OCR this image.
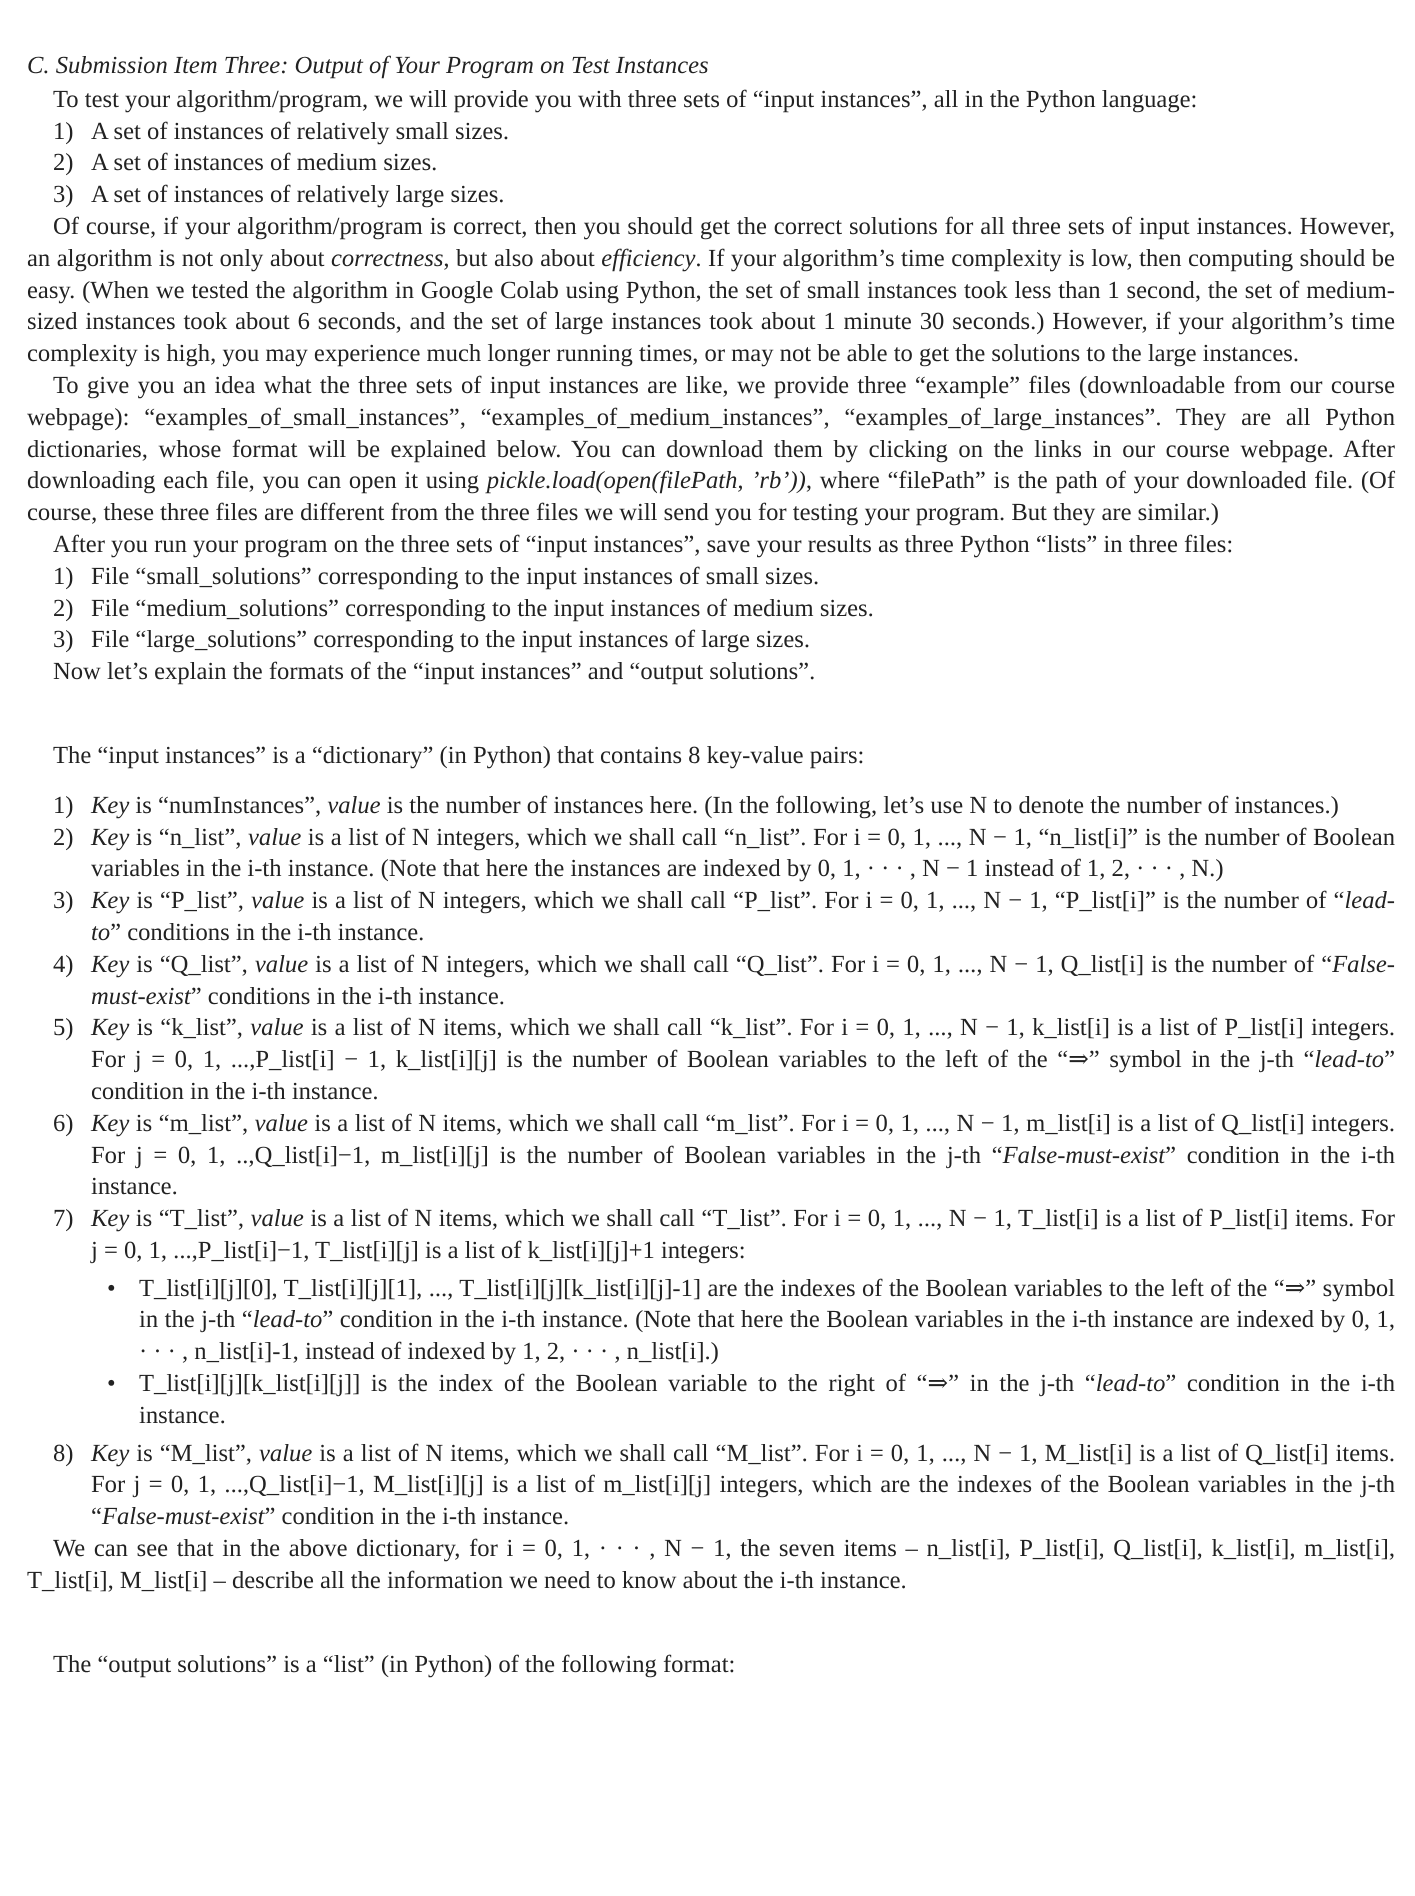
C. Submission Item Three: Output of Your Program on Test Instances

To test your algorithm/program, we will provide you with three sets of “input instances”, all in the Python language:

1) A set of instances of relatively small sizes.
2) A set of instances of medium sizes.
3) A set of instances of relatively large sizes.

Of course, if your algorithm/program is correct, then you should get the correct solutions for all three sets of input instances. However, an algorithm is not only about correctness, but also about efficiency. If your algorithm’s time complexity is low, then computing should be easy. (When we tested the algorithm in Google Colab using Python, the set of small instances took less than 1 second, the set of medium-sized instances took about 6 seconds, and the set of large instances took about 1 minute 30 seconds.) However, if your algorithm’s time complexity is high, you may experience much longer running times, or may not be able to get the solutions to the large instances.

To give you an idea what the three sets of input instances are like, we provide three “example” files (downloadable from our course webpage): “examples_of_small_instances”, “examples_of_medium_instances”, “examples_of_large_instances”. They are all Python dictionaries, whose format will be explained below. You can download them by clicking on the links in our course webpage. After downloading each file, you can open it using pickle.load(open(filePath, ’rb’)), where “filePath” is the path of your downloaded file. (Of course, these three files are different from the three files we will send you for testing your program. But they are similar.)

After you run your program on the three sets of “input instances”, save your results as three Python “lists” in three files:

1) File “small_solutions” corresponding to the input instances of small sizes.
2) File “medium_solutions” corresponding to the input instances of medium sizes.
3) File “large_solutions” corresponding to the input instances of large sizes.

Now let’s explain the formats of the “input instances” and “output solutions”.

The “input instances” is a “dictionary” (in Python) that contains 8 key-value pairs:

1) Key is “numInstances”, value is the number of instances here. (In the following, let’s use N to denote the number of instances.)
2) Key is “n_list”, value is a list of N integers, which we shall call “n_list”. For i = 0, 1, ..., N − 1, “n_list[i]” is the number of Boolean variables in the i-th instance. (Note that here the instances are indexed by 0, 1, · · · , N − 1 instead of 1, 2, · · · , N.)
3) Key is “P_list”, value is a list of N integers, which we shall call “P_list”. For i = 0, 1, ..., N − 1, “P_list[i]” is the number of “lead-to” conditions in the i-th instance.
4) Key is “Q_list”, value is a list of N integers, which we shall call “Q_list”. For i = 0, 1, ..., N − 1, Q_list[i] is the number of “False-must-exist” conditions in the i-th instance.
5) Key is “k_list”, value is a list of N items, which we shall call “k_list”. For i = 0, 1, ..., N − 1, k_list[i] is a list of P_list[i] integers. For j = 0, 1, ...,P_list[i] − 1, k_list[i][j] is the number of Boolean variables to the left of the “⇒” symbol in the j-th “lead-to” condition in the i-th instance.
6) Key is “m_list”, value is a list of N items, which we shall call “m_list”. For i = 0, 1, ..., N − 1, m_list[i] is a list of Q_list[i] integers. For j = 0, 1, ..,Q_list[i]−1, m_list[i][j] is the number of Boolean variables in the j-th “False-must-exist” condition in the i-th instance.
7) Key is “T_list”, value is a list of N items, which we shall call “T_list”. For i = 0, 1, ..., N − 1, T_list[i] is a list of P_list[i] items. For j = 0, 1, ...,P_list[i]−1, T_list[i][j] is a list of k_list[i][j]+1 integers:
• T_list[i][j][0], T_list[i][j][1], ..., T_list[i][j][k_list[i][j]-1] are the indexes of the Boolean variables to the left of the “⇒” symbol in the j-th “lead-to” condition in the i-th instance. (Note that here the Boolean variables in the i-th instance are indexed by 0, 1, · · · , n_list[i]-1, instead of indexed by 1, 2, · · · , n_list[i].)
• T_list[i][j][k_list[i][j]] is the index of the Boolean variable to the right of “⇒” in the j-th “lead-to” condition in the i-th instance.
8) Key is “M_list”, value is a list of N items, which we shall call “M_list”. For i = 0, 1, ..., N − 1, M_list[i] is a list of Q_list[i] items. For j = 0, 1, ...,Q_list[i]−1, M_list[i][j] is a list of m_list[i][j] integers, which are the indexes of the Boolean variables in the j-th “False-must-exist” condition in the i-th instance.

We can see that in the above dictionary, for i = 0, 1, · · · , N − 1, the seven items – n_list[i], P_list[i], Q_list[i], k_list[i], m_list[i], T_list[i], M_list[i] – describe all the information we need to know about the i-th instance.

The “output solutions” is a “list” (in Python) of the following format:
